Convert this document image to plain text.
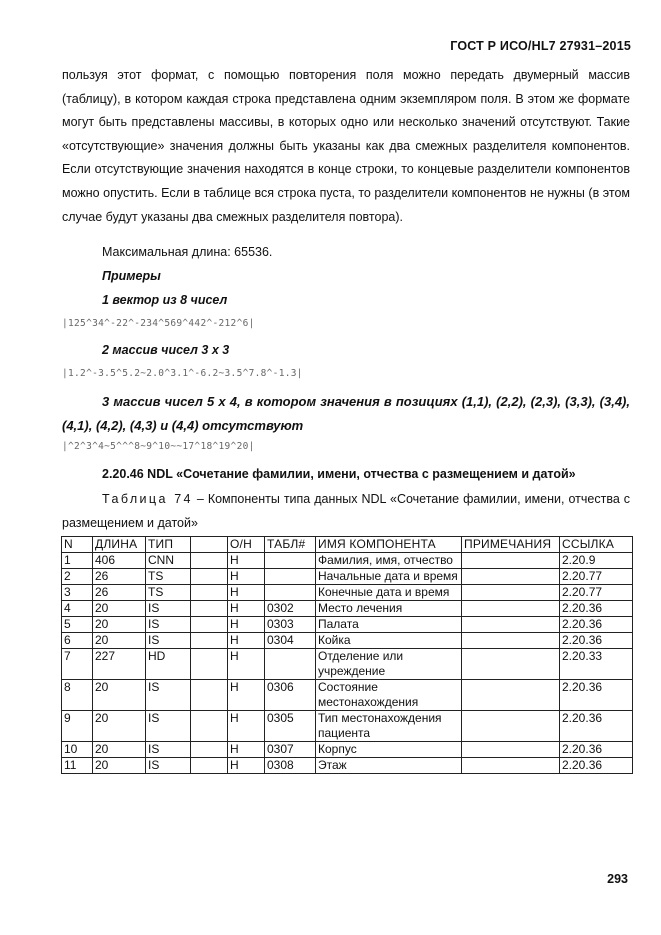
ГОСТ Р ИСО/HL7 27931–2015
пользуя этот формат, с помощью повторения поля можно передать двумерный массив (таблицу), в котором каждая строка представлена одним экземпляром поля. В этом же формате могут быть представлены массивы, в которых одно или несколько значений отсутствуют. Такие «отсутствующие» значения должны быть указаны как два смежных разделителя компонентов. Если отсутствующие значения находятся в конце строки, то концевые разделители компонентов можно опустить. Если в таблице вся строка пуста, то разделители компонентов не нужны (в этом случае будут указаны два смежных разделителя повтора).
Максимальная длина: 65536.
Примеры
1 вектор из 8 чисел
|125^34^-22^-234^569^442^-212^6|
2 массив чисел 3 х 3
|1.2^-3.5^5.2~2.0^3.1^-6.2~3.5^7.8^-1.3|
3 массив чисел 5 х 4, в котором значения в позициях (1,1), (2,2), (2,3), (3,3), (3,4), (4,1), (4,2), (4,3) и (4,4) отсутствуют
|^2^3^4~5^^^8~9^10~~17^18^19^20|
2.20.46 NDL «Сочетание фамилии, имени, отчества с размещением и датой»
Таблица 74 – Компоненты типа данных NDL «Сочетание фамилии, имени, отчества с размещением и датой»
N	ДЛИНА	ТИП		О/Н	ТАБЛ#	ИМЯ КОМПОНЕНТА	ПРИМЕЧАНИЯ	ССЫЛКА
1	406	CNN		Н		Фамилия, имя, отчество		2.20.9
2	26	TS		Н		Начальные дата и время		2.20.77
3	26	TS		Н		Конечные дата и время		2.20.77
4	20	IS		Н	0302	Место лечения		2.20.36
5	20	IS		Н	0303	Палата		2.20.36
6	20	IS		Н	0304	Койка		2.20.36
7	227	HD		Н		Отделение или учреждение		2.20.33
8	20	IS		Н	0306	Состояние местонахождения		2.20.36
9	20	IS		Н	0305	Тип местонахождения пациента		2.20.36
10	20	IS		Н	0307	Корпус		2.20.36
11	20	IS		Н	0308	Этаж		2.20.36
293
